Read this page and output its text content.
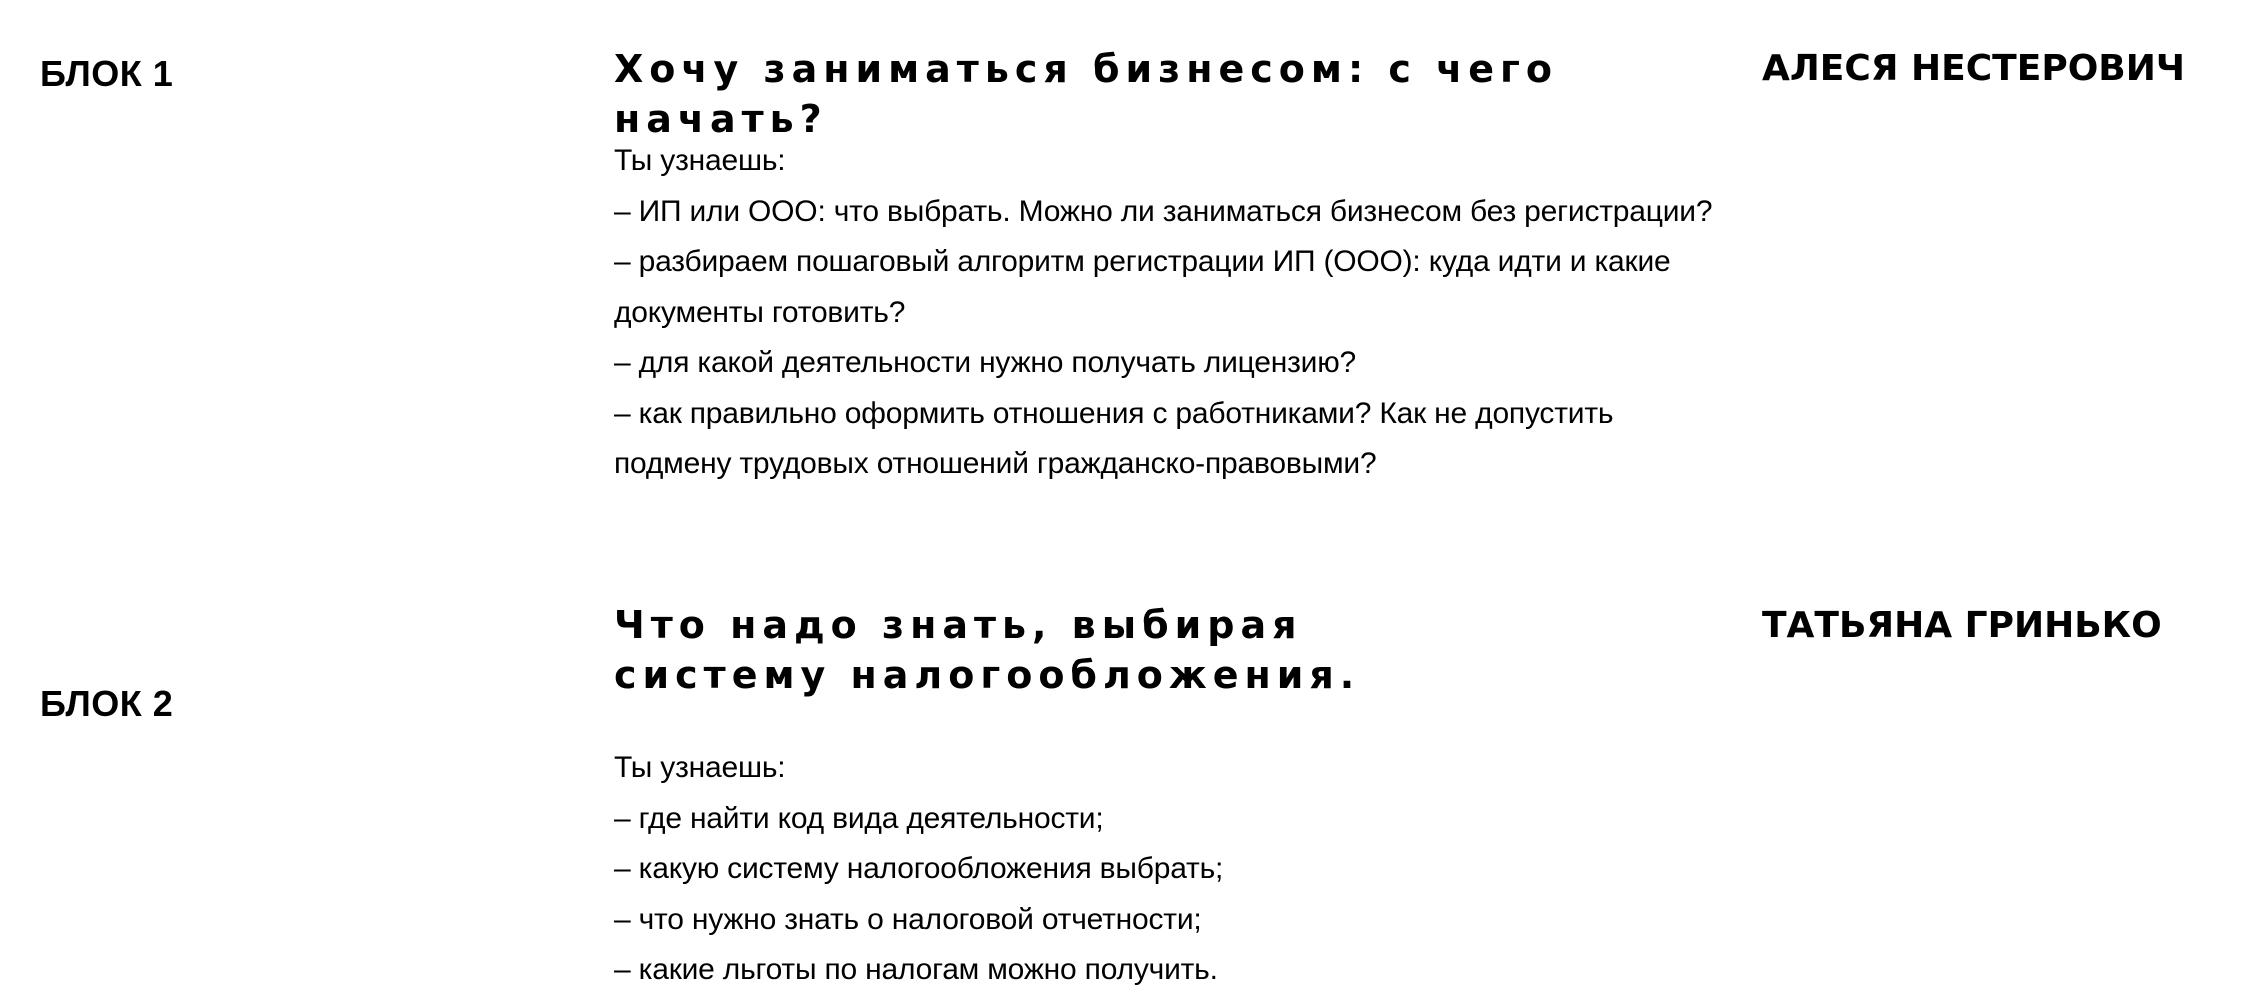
БЛОК 1	Хочу заниматься бизнесом: с чего начать?
АЛЕСЯ НЕСТЕРОВИЧ
Ты узнаешь:
– ИП или ООО: что выбрать. Можно ли заниматься бизнесом без регистрации?
– разбираем пошаговый алгоритм регистрации ИП (ООО): куда идти и какие документы готовить?
– для какой деятельности нужно получать лицензию?
– как правильно оформить отношения с работниками? Как не допустить подмену трудовых отношений гражданско-правовыми?
БЛОК 2
Что надо знать, выбирая систему налогообложения.
ТАТЬЯНА ГРИНЬКО
Ты узнаешь:
– где найти код вида деятельности;
– какую систему налогообложения выбрать;
– что нужно знать о налоговой отчетности;
– какие льготы по налогам можно получить.
